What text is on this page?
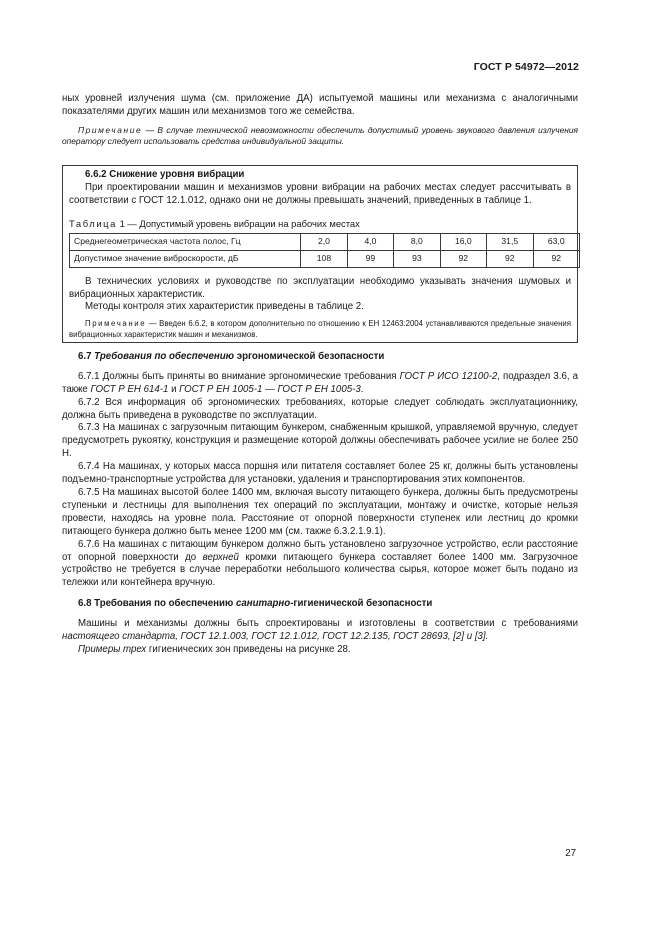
ГОСТ Р 54972—2012

ных уровней излучения шума (см. приложение ДА) испытуемой машины или механизма с аналогичными показателями других машин или механизмов того же семейства.

Примечание — В случае технической невозможности обеспечить допустимый уровень звукового давления излучения оператору следует использовать средства индивидуальной защиты.

6.6.2 Снижение уровня вибрации

При проектировании машин и механизмов уровни вибрации на рабочих местах следует рассчитывать в соответствии с ГОСТ 12.1.012, однако они не должны превышать значений, приведенных в таблице 1.

Таблица 1 — Допустимый уровень вибрации на рабочих местах

Среднегеометрическая частота полос, Гц	2,0	4,0	8,0	16,0	31,5	63,0
Допустимое значение виброскорости, дБ	108	99	93	92	92	92

В технических условиях и руководстве по эксплуатации необходимо указывать значения шумовых и вибрационных характеристик.

Методы контроля этих характеристик приведены в таблице 2.

Примечание — Введен 6.6.2, в котором дополнительно по отношению к ЕН 12463:2004 устанавливаются предельные значения вибрационных характеристик машин и механизмов.

6.7 Требования по обеспечению эргономической безопасности

6.7.1 Должны быть приняты во внимание эргономические требования ГОСТ Р ИСО 12100-2, подраздел 3.6, а также ГОСТ Р ЕН 614-1 и ГОСТ Р ЕН 1005-1 — ГОСТ Р ЕН 1005-3.

6.7.2 Вся информация об эргономических требованиях, которые следует соблюдать эксплуатационнику, должна быть приведена в руководстве по эксплуатации.

6.7.3 На машинах с загрузочным питающим бункером, снабженным крышкой, управляемой вручную, следует предусмотреть рукоятку, конструкция и размещение которой должны обеспечивать рабочее усилие не более 250 Н.

6.7.4 На машинах, у которых масса поршня или питателя составляет более 25 кг, должны быть установлены подъемно-транспортные устройства для установки, удаления и транспортирования этих компонентов.

6.7.5 На машинах высотой более 1400 мм, включая высоту питающего бункера, должны быть предусмотрены ступеньки и лестницы для выполнения тех операций по эксплуатации, монтажу и очистке, которые нельзя провести, находясь на уровне пола. Расстояние от опорной поверхности ступенек или лестниц до кромки питающего бункера должно быть менее 1200 мм (см. также 6.3.2.1.9.1).

6.7.6 На машинах с питающим бункером должно быть установлено загрузочное устройство, если расстояние от опорной поверхности до верхней кромки питающего бункера составляет более 1400 мм. Загрузочное устройство не требуется в случае переработки небольшого количества сырья, которое может быть подано из тележки или контейнера вручную.

6.8 Требования по обеспечению санитарно-гигиенической безопасности

Машины и механизмы должны быть спроектированы и изготовлены в соответствии с требованиями настоящего стандарта, ГОСТ 12.1.003, ГОСТ 12.1.012, ГОСТ 12.2.135, ГОСТ 28693, [2] и [3].

Примеры трех гигиенических зон приведены на рисунке 28.

27
